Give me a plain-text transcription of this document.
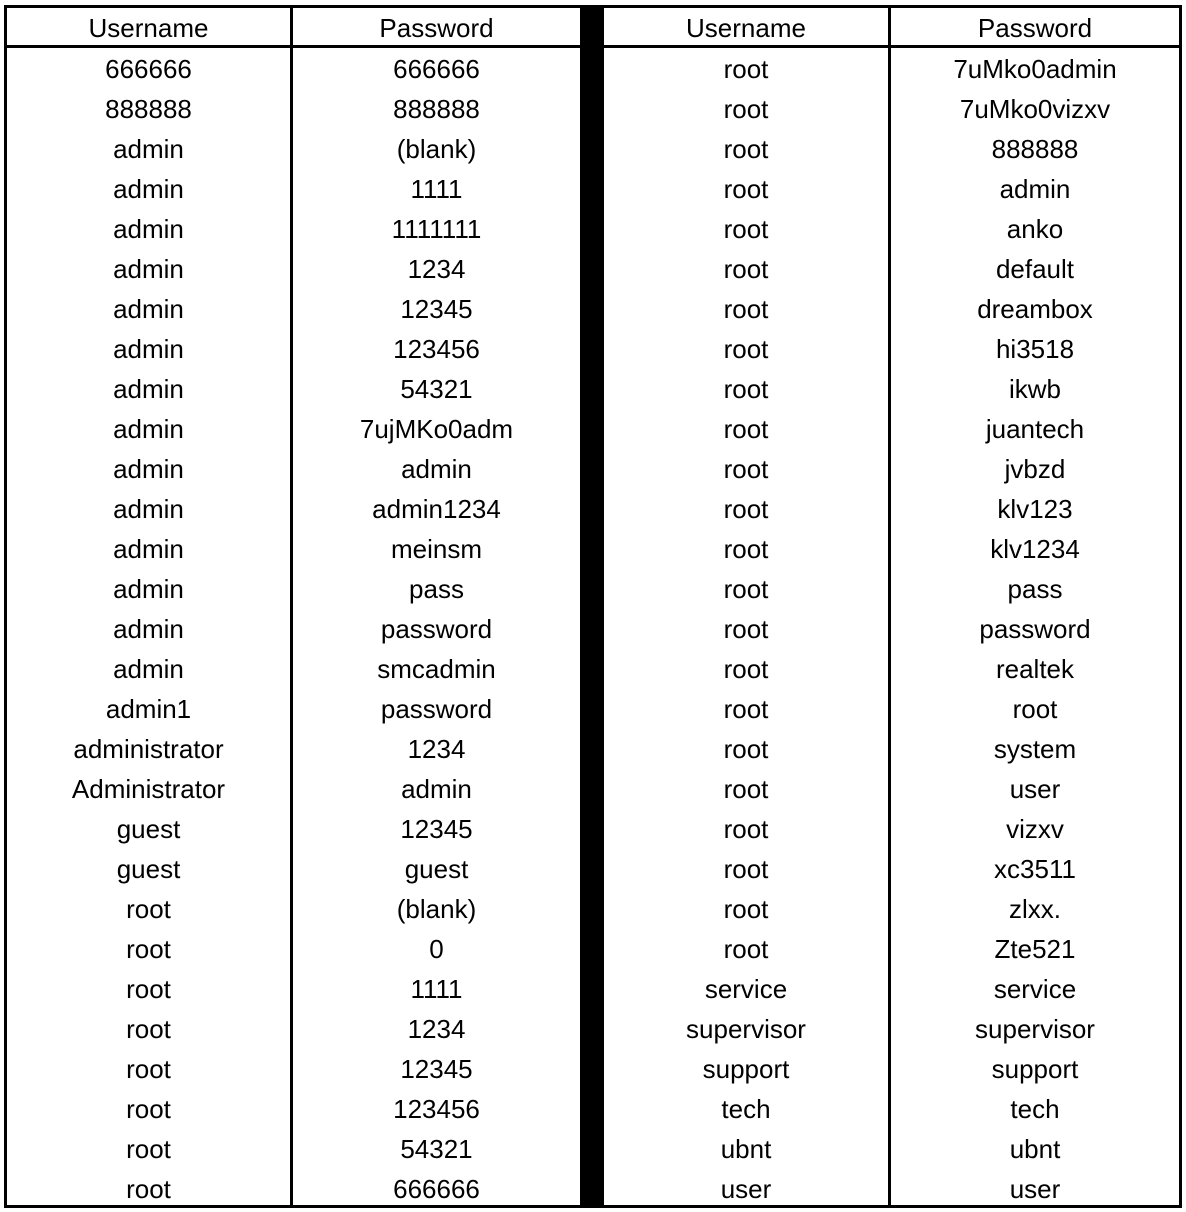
Username	Password
666666	666666
888888	888888
admin	(blank)
admin	1111
admin	1111111
admin	1234
admin	12345
admin	123456
admin	54321
admin	7ujMKo0adm
admin	admin
admin	admin1234
admin	meinsm
admin	pass
admin	password
admin	smcadmin
admin1	password
administrator	1234
Administrator	admin
guest	12345
guest	guest
root	(blank)
root	0
root	1111
root	1234
root	12345
root	123456
root	54321
root	666666
Username	Password
root	7uMko0admin
root	7uMko0vizxv
root	888888
root	admin
root	anko
root	default
root	dreambox
root	hi3518
root	ikwb
root	juantech
root	jvbzd
root	klv123
root	klv1234
root	pass
root	password
root	realtek
root	root
root	system
root	user
root	vizxv
root	xc3511
root	zlxx.
root	Zte521
service	service
supervisor	supervisor
support	support
tech	tech
ubnt	ubnt
user	user
